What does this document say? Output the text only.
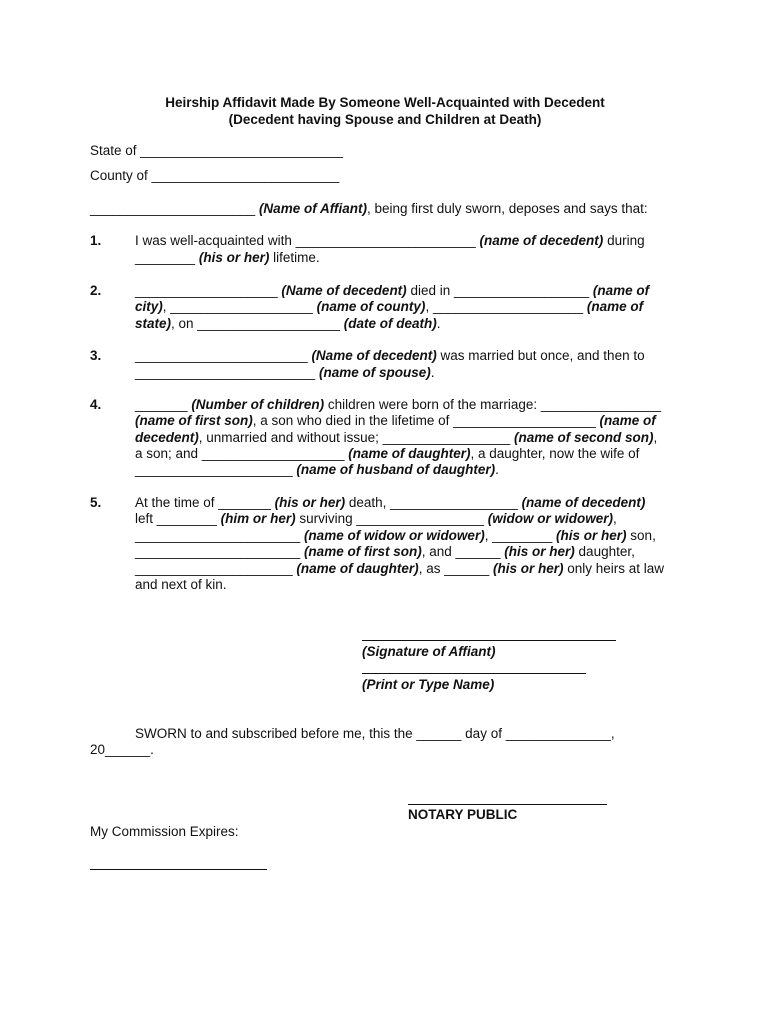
Heirship Affidavit Made By Someone Well-Acquainted with Decedent
(Decedent having Spouse and Children at Death)
State of ___________________________
County of _________________________
______________________ (Name of Affiant), being first duly sworn, deposes and says that:
1. I was well-acquainted with ________________________ (name of decedent) during
________ (his or her) lifetime.
2. ___________________ (Name of decedent) died in __________________ (name of
city), ___________________ (name of county), ____________________ (name of
state), on ___________________ (date of death).
3. _______________________ (Name of decedent) was married but once, and then to
________________________ (name of spouse).
4. _______ (Number of children) children were born of the marriage: ________________
(name of first son), a son who died in the lifetime of ___________________ (name of
decedent), unmarried and without issue; _________________ (name of second son),
a son; and ___________________ (name of daughter), a daughter, now the wife of
_____________________ (name of husband of daughter).
5. At the time of _______ (his or her) death, _________________ (name of decedent)
left ________ (him or her) surviving _________________ (widow or widower),
______________________ (name of widow or widower), ________ (his or her) son,
______________________ (name of first son), and ______ (his or her) daughter,
_____________________ (name of daughter), as ______ (his or her) only heirs at law
and next of kin.
(Signature of Affiant)
(Print or Type Name)
SWORN to and subscribed before me, this the ______ day of ______________,
20______.
NOTARY PUBLIC
My Commission Expires:
